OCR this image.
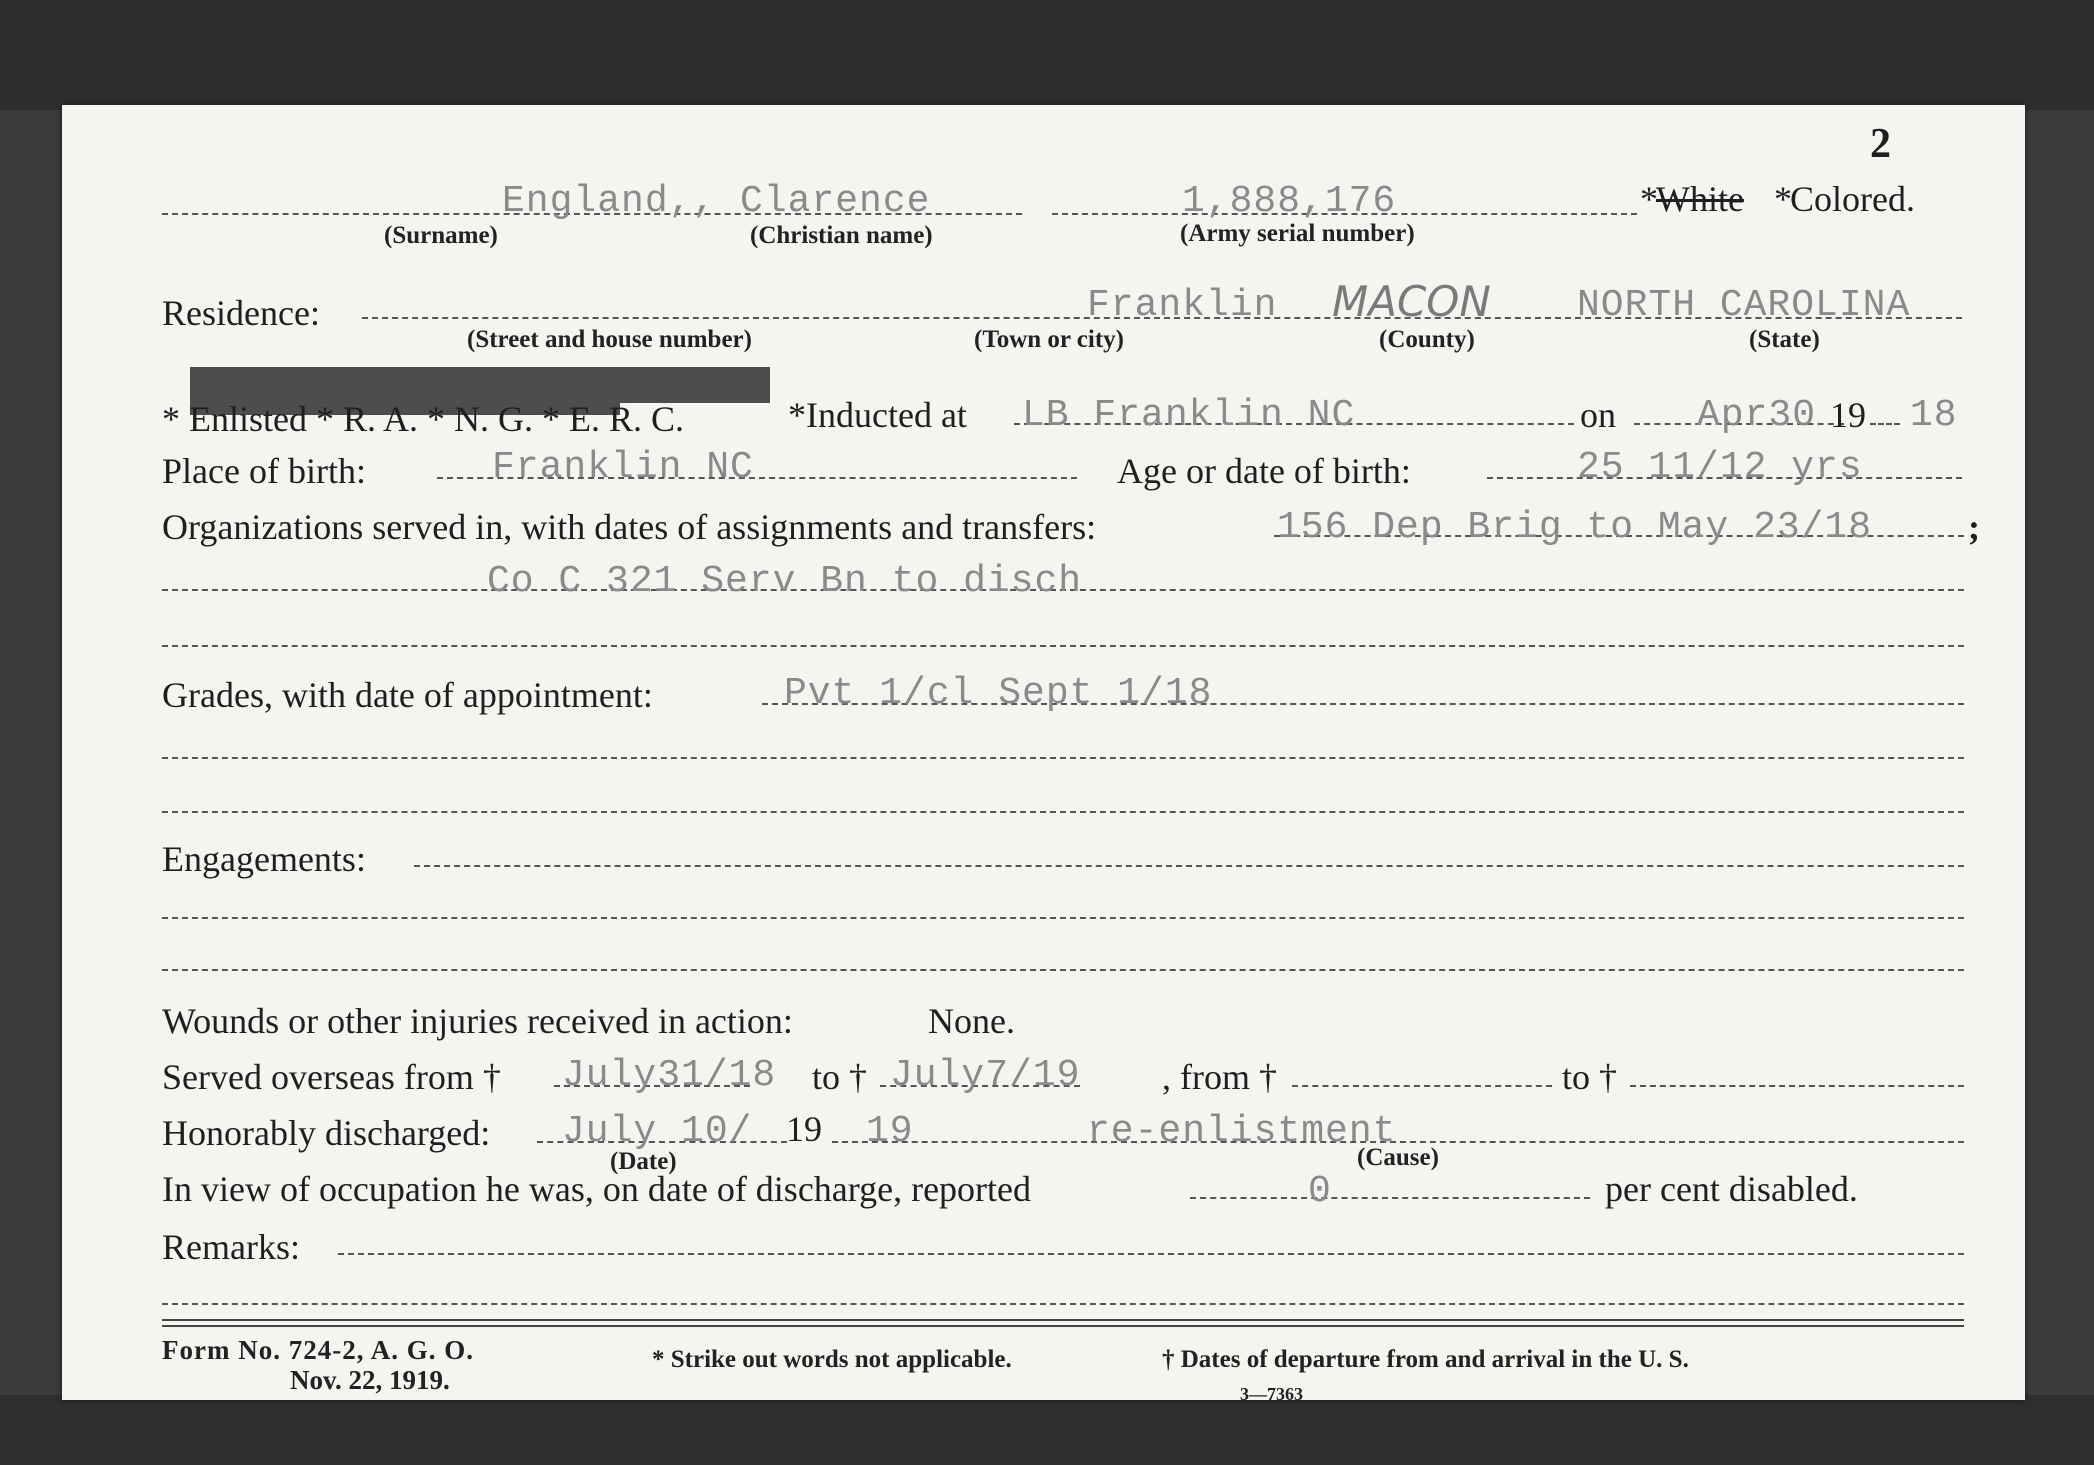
2
England,, Clarence
(Surname)	(Christian name)
1,888,176
(Army serial number)
*
White *
Colored.
Residence:	Franklin MACON NORTH CAROLINA
(Street and house number)	(Town or city)	(County)	(State)
* Enlisted * R. A. * N. G. * E. R. C.	*Inducted at LB Franklin NC	on Apr30 19 18
Place of birth:	Franklin NC	Age or date of birth:	25 11/12 yrs
Organizations served in, with dates of assignments and transfers:	156 Dep Brig to May 23/18	;
Co C 321 Serv Bn to disch
Grades, with date of appointment:	Pvt 1/cl Sept 1/18
Engagements:
Wounds or other injuries received in action:	None.
Served overseas from † July31/18 to † July7/19 , from †	to †
Honorably discharged: July 10/ 19 19	re-enlistment
(Date)	(Cause)
In view of occupation he was, on date of discharge, reported	0	per cent disabled.
Remarks:
Form No. 724-2, A. G. O.
Nov. 22, 1919.
* Strike out words not applicable.	† Dates of departure from and arrival in the U. S.
3—7363
